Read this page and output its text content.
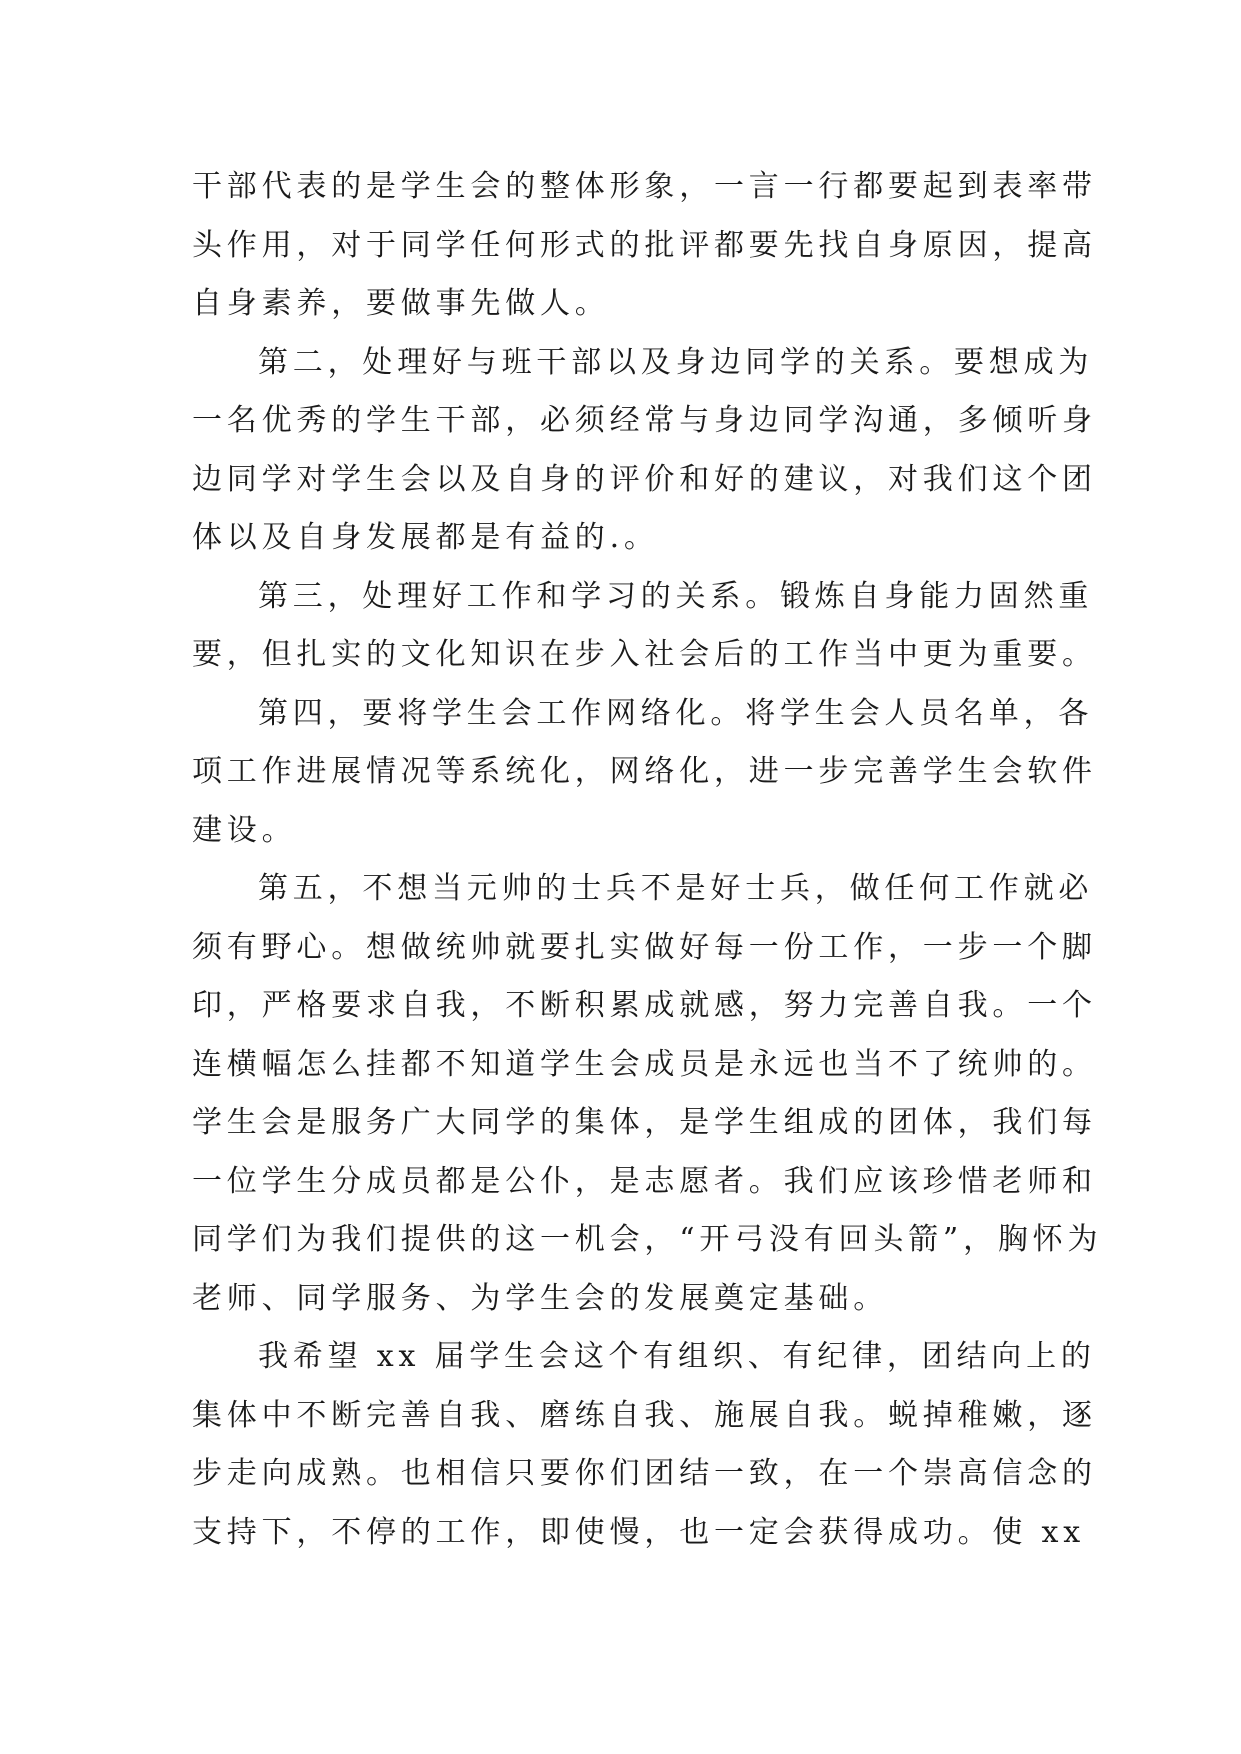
干部代表的是学生会的整体形象，一言一行都要起到表率带
头作用，对于同学任何形式的批评都要先找自身原因，提高
自身素养，要做事先做人。
第二，处理好与班干部以及身边同学的关系。要想成为
一名优秀的学生干部，必须经常与身边同学沟通，多倾听身
边同学对学生会以及自身的评价和好的建议，对我们这个团
体以及自身发展都是有益的.。
第三，处理好工作和学习的关系。锻炼自身能力固然重
要，但扎实的文化知识在步入社会后的工作当中更为重要。
第四，要将学生会工作网络化。将学生会人员名单，各
项工作进展情况等系统化，网络化，进一步完善学生会软件
建设。
第五，不想当元帅的士兵不是好士兵，做任何工作就必
须有野心。想做统帅就要扎实做好每一份工作，一步一个脚
印，严格要求自我，不断积累成就感，努力完善自我。一个
连横幅怎么挂都不知道学生会成员是永远也当不了统帅的。
学生会是服务广大同学的集体，是学生组成的团体，我们每
一位学生分成员都是公仆，是志愿者。我们应该珍惜老师和
同学们为我们提供的这一机会，“开弓没有回头箭”，胸怀为
老师、同学服务、为学生会的发展奠定基础。
我希望 xx 届学生会这个有组织、有纪律，团结向上的
集体中不断完善自我、磨练自我、施展自我。蜕掉稚嫩，逐
步走向成熟。也相信只要你们团结一致，在一个崇高信念的
支持下，不停的工作，即使慢，也一定会获得成功。使 xx
